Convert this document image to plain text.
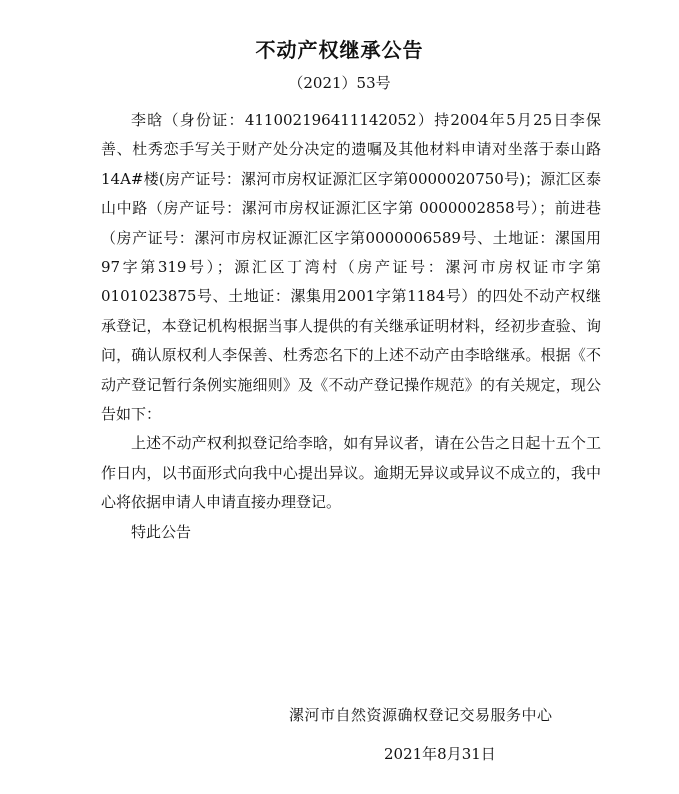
不动产权继承公告
（2021）53号

李晗（身份证：411002196411142052）持2004年5月25日李保善、杜秀恋手写关于财产处分决定的遗嘱及其他材料申请对坐落于泰山路14A#楼(房产证号：漯河市房权证源汇区字第0000020750号)；源汇区泰山中路（房产证号：漯河市房权证源汇区字第 0000002858号）；前进巷（房产证号：漯河市房权证源汇区字第0000006589号、土地证：漯国用97字第319号）；源汇区丁湾村（房产证号：漯河市房权证市字第0101023875号、土地证：漯集用2001字第1184号）的四处不动产权继承登记，本登记机构根据当事人提供的有关继承证明材料，经初步查验、询问，确认原权利人李保善、杜秀恋名下的上述不动产由李晗继承。根据《不动产登记暂行条例实施细则》及《不动产登记操作规范》的有关规定，现公告如下：

上述不动产权利拟登记给李晗，如有异议者，请在公告之日起十五个工作日内，以书面形式向我中心提出异议。逾期无异议或异议不成立的，我中心将依据申请人申请直接办理登记。

特此公告

漯河市自然资源确权登记交易服务中心
2021年8月31日
